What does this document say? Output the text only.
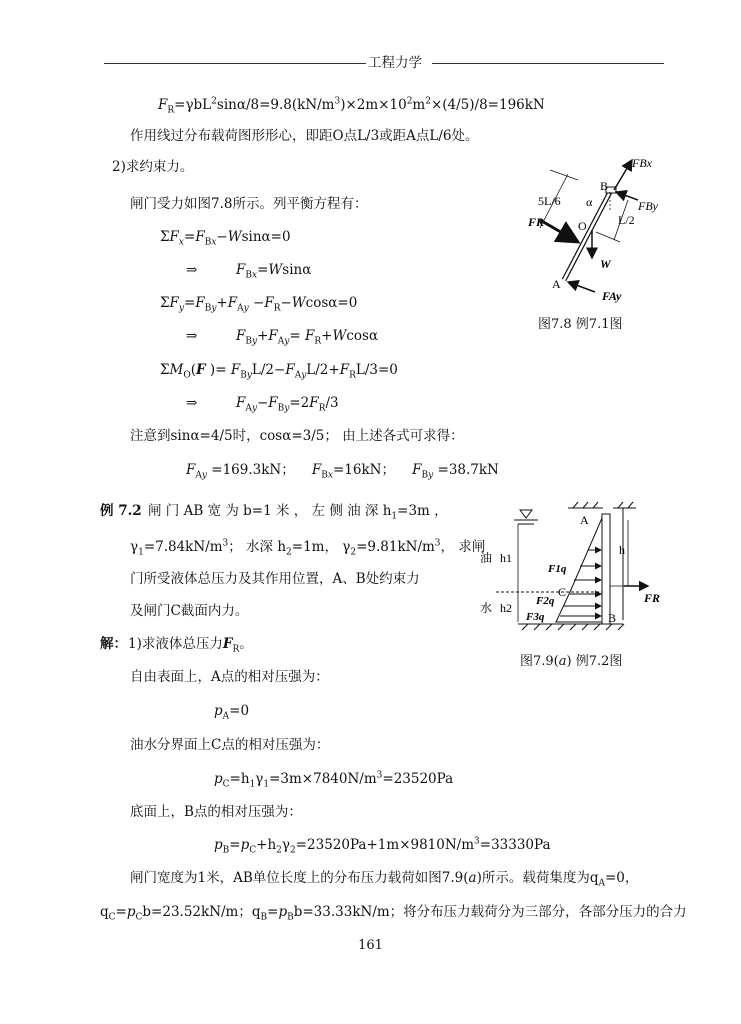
工程力学
$F_R=\gamma bL^2\sin\alpha/8=9.8(kN/m^3)\times 2m\times 10^2m^2\times(4/5)/8=196kN$
作用线过分布载荷图形形心，即距O点L/3或距A点L/6处。
2)求约束力。
闸门受力如图7.8所示。列平衡方程有：
$\Sigma F_x=F_{Bx}-Wsin\alpha=0$
⇒	$F_{Bx}=Wsin\alpha$
$\Sigma F_y=F_{By}+F_{Ay} -F_R-Wcos\alpha=0$
⇒	$F_{By}+F_{Ay}= F_R+Wcos\alpha$
$\Sigma M_O(F$ )= $F_{By}L/2-F_{Ay}L/2+F_RL/3=0$
⇒	$F_{Ay}-F_{By}=2F_R/3$
注意到sinα=4/5时，cosα=3/5； 由上述各式可求得：
$F_{Ay} =169.3kN$；    $F_{Bx}=16kN$；    $F_{By} =38.7kN$
例 7.2 闸 门 AB 宽 为 b=1 米 ， 左 侧 油 深 $h_1=3m$ ，
$\gamma_1=7.84kN/m^3$； 水深 $h_2=1m$， $\gamma_2=9.81kN/m^3$， 求闸
门所受液体总压力及其作用位置，A、B处约束力
及闸门C截面内力。
解： 1)求液体总压力$F_R$。
自由表面上，A点的相对压强为：
$p_A=0$
油水分界面上C点的相对压强为：
$p_C=h_1\gamma_1=3m\times 7840N/m^3=23520Pa$
底面上，B点的相对压强为：
$p_B=p_C+h_2\gamma_2=23520Pa+1m\times 9810N/m^3=33330Pa$
闸门宽度为1米，AB单位长度上的分布压力载荷如图7.9(a)所示。载荷集度为$q_A=0$，
$q_C=p_Cb=23.52kN/m$；$q_B=p_Bb=33.33kN/m$；将分布压力载荷分为三部分，各部分压力的合力
FBx
B
FBy
5L/6 α
L/2
FR	O
W
A
FAy
图7.8 例7.1图
A
油 h1
h
F1q
C	FR
F2q
水 h2
F3q	B
图7.9(a) 例7.2图
161
